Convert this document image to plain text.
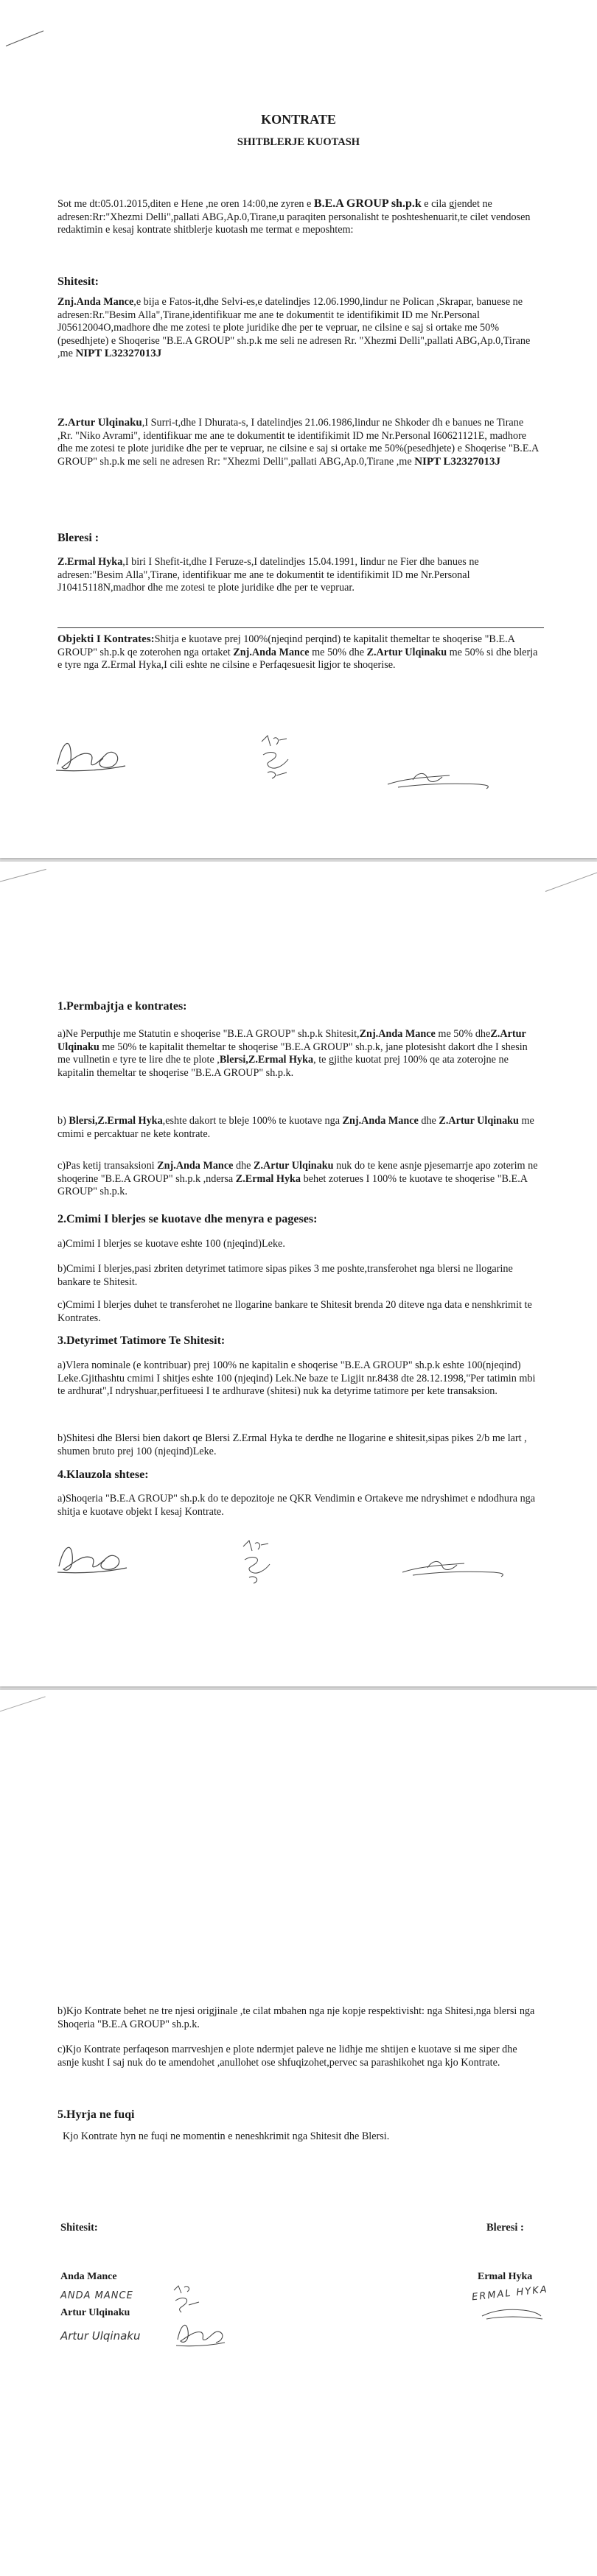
KONTRATE
SHITBLERJE KUOTASH

Sot me dt:05.01.2015,diten e Hene ,ne oren 14:00,ne zyren e B.E.A GROUP sh.p.k e cila gjendet ne adresen:Rr:"Xhezmi Delli",pallati ABG,Ap.0,Tirane,u paraqiten personalisht te poshteshenuarit,te cilet vendosen redaktimin e kesaj kontrate shitblerje kuotash me termat e meposhtem:

Shitesit:

Znj.Anda Mance,e bija e Fatos-it,dhe Selvi-es,e datelindjes 12.06.1990,lindur ne Polican ,Skrapar, banuese ne adresen:Rr."Besim Alla",Tirane,identifikuar me ane te dokumentit te identifikimit ID me Nr.Personal J05612004O,madhore dhe me zotesi te plote juridike dhe per te vepruar, ne cilsine e saj si ortake me 50%(pesedhjete) e Shoqerise "B.E.A GROUP" sh.p.k me seli ne adresen Rr. "Xhezmi Delli",pallati ABG,Ap.0,Tirane ,me NIPT L32327013J

Z.Artur Ulqinaku,I Surri-t,dhe I Dhurata-s, I datelindjes 21.06.1986,lindur ne Shkoder dh e banues ne Tirane ,Rr. "Niko Avrami", identifikuar me ane te dokumentit te identifikimit ID me Nr.Personal I60621121E, madhore dhe me zotesi te plote juridike dhe per te vepruar, ne cilsine e saj si ortake me 50%(pesedhjete) e Shoqerise "B.E.A GROUP" sh.p.k me seli ne adresen Rr: "Xhezmi Delli",pallati ABG,Ap.0,Tirane ,me NIPT L32327013J

Bleresi :

Z.Ermal Hyka,I biri I Shefit-it,dhe I Feruze-s,I datelindjes 15.04.1991, lindur ne Fier dhe banues ne adresen:"Besim Alla",Tirane, identifikuar me ane te dokumentit te identifikimit ID me Nr.Personal J10415118N,madhor dhe me zotesi te plote juridike dhe per te vepruar.

Objekti I Kontrates:Shitja e kuotave prej 100%(njeqind perqind) te kapitalit themeltar te shoqerise "B.E.A GROUP" sh.p.k qe zoterohen nga ortaket Znj.Anda Mance me 50% dhe Z.Artur Ulqinaku me 50% si dhe blerja e tyre nga Z.Ermal Hyka,I cili eshte ne cilsine e Perfaqesuesit ligjor te shoqerise.

1.Permbajtja e kontrates:

a)Ne Perputhje me Statutin e shoqerise "B.E.A GROUP" sh.p.k Shitesit,Znj.Anda Mance me 50% dheZ.Artur Ulqinaku me 50% te kapitalit themeltar te shoqerise "B.E.A GROUP" sh.p.k, jane plotesisht dakort dhe I shesin me vullnetin e tyre te lire dhe te plote ,Blersi,Z.Ermal Hyka, te gjithe kuotat prej 100% qe ata zoterojne ne kapitalin themeltar te shoqerise "B.E.A GROUP" sh.p.k.

b) Blersi,Z.Ermal Hyka,eshte dakort te bleje 100% te kuotave nga Znj.Anda Mance dhe Z.Artur Ulqinaku me cmimi e percaktuar ne kete kontrate.

c)Pas ketij transaksioni Znj.Anda Mance dhe Z.Artur Ulqinaku nuk do te kene asnje pjesemarrje apo zoterim ne shoqerine "B.E.A GROUP" sh.p.k ,ndersa Z.Ermal Hyka behet zoterues I 100% te kuotave te shoqerise "B.E.A GROUP" sh.p.k.

2.Cmimi I blerjes se kuotave dhe menyra e pageses:
a)Cmimi I blerjes se kuotave eshte 100 (njeqind)Leke.
b)Cmimi I blerjes,pasi zbriten detyrimet tatimore sipas pikes 3 me poshte,transferohet nga blersi ne llogarine bankare te Shitesit.
c)Cmimi I blerjes duhet te transferohet ne llogarine bankare te Shitesit brenda 20 diteve nga data e nenshkrimit te Kontrates.
3.Detyrimet Tatimore Te Shitesit:
a)Vlera nominale (e kontribuar) prej 100% ne kapitalin e shoqerise "B.E.A GROUP" sh.p.k eshte 100(njeqind) Leke.Gjithashtu cmimi I shitjes eshte 100 (njeqind) Lek.Ne baze te Ligjit nr.8438 dte 28.12.1998,"Per tatimin mbi te ardhurat",I ndryshuar,perfitueesi I te ardhurave (shitesi) nuk ka detyrime tatimore per kete transaksion.
b)Shitesi dhe Blersi bien dakort qe Blersi Z.Ermal Hyka te derdhe ne llogarine e shitesit,sipas pikes 2/b me lart , shumen bruto prej 100 (njeqind)Leke.
4.Klauzola shtese:
a)Shoqeria "B.E.A GROUP" sh.p.k do te depozitoje ne QKR Vendimin e Ortakeve me ndryshimet e ndodhura nga shitja e kuotave objekt I kesaj Kontrate.
b)Kjo Kontrate behet ne tre njesi origjinale ,te cilat mbahen nga nje kopje respektivisht: nga Shitesi,nga blersi nga Shoqeria "B.E.A GROUP" sh.p.k.
c)Kjo Kontrate perfaqeson marrveshjen e plote ndermjet paleve ne lidhje me shtijen e kuotave si me siper dhe asnje kusht I saj nuk do te amendohet ,anullohet ose shfuqizohet,pervec sa parashikohet nga kjo Kontrate.
5.Hyrja ne fuqi
Kjo Kontrate hyn ne fuqi ne momentin e neneshkrimit nga Shitesit dhe Blersi.
Shitesit:	Bleresi :
Anda Mance	Ermal Hyka
ANDA MANCE	ERMAL HYKA
Artur Ulqinaku
Artur Ulqinaku
